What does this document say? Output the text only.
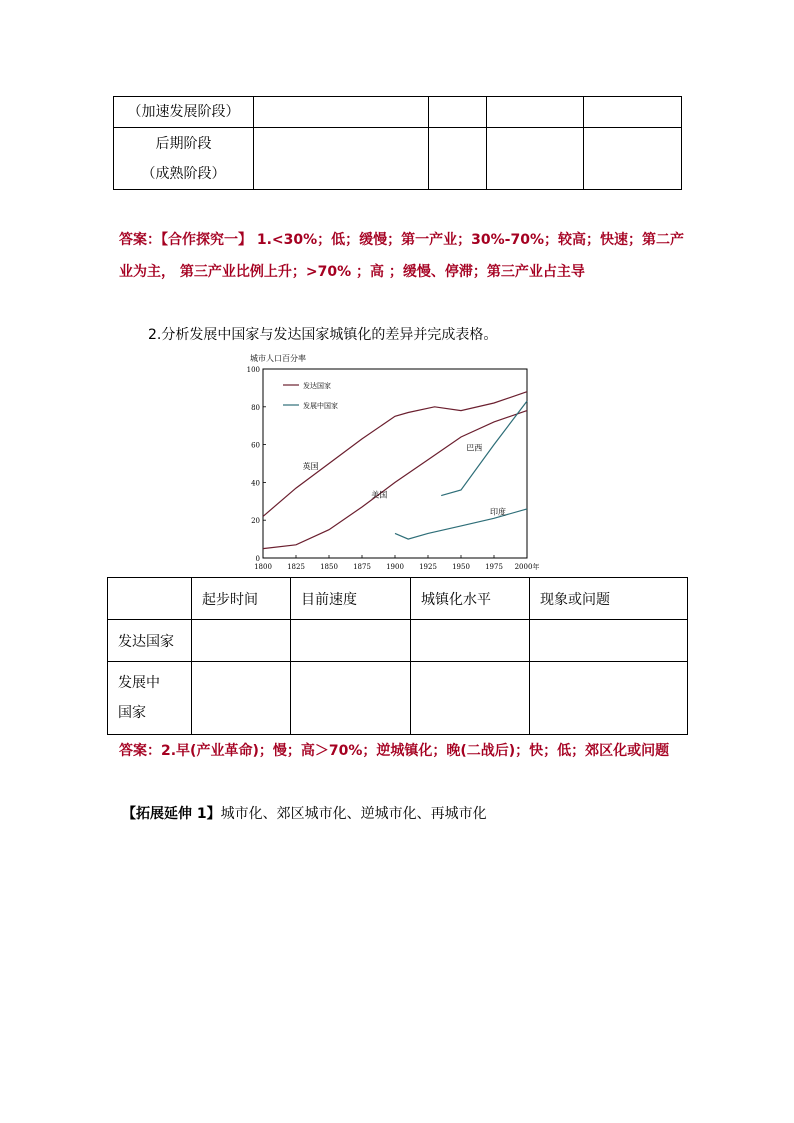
（加速发展阶段）				

后期阶段
（成熟阶段）				

答案：【合作探究一】 1.<30%；低；缓慢；第一产业；30%-70%；较高；快速；第二产
业为主， 第三产业比例上升；>70% ；高 ；缓慢、停滞；第三产业占主导
2.分析发展中国家与发达国家城镇化的差异并完成表格。
城市人口百分率
0
20
40
60
80
100
1800 1825 1850 1875 1900 1925 1950 1975 2000年
发达国家
发展中国家
英国
美国
巴西
印度
	起步时间	目前速度	城镇化水平	现象或问题
发达国家				

发展中
国家				

答案：2.早(产业革命)；慢；高＞70%；逆城镇化；晚(二战后)；快；低；郊区化或问题
【拓展延伸 1】城市化、郊区城市化、逆城市化、再城市化
